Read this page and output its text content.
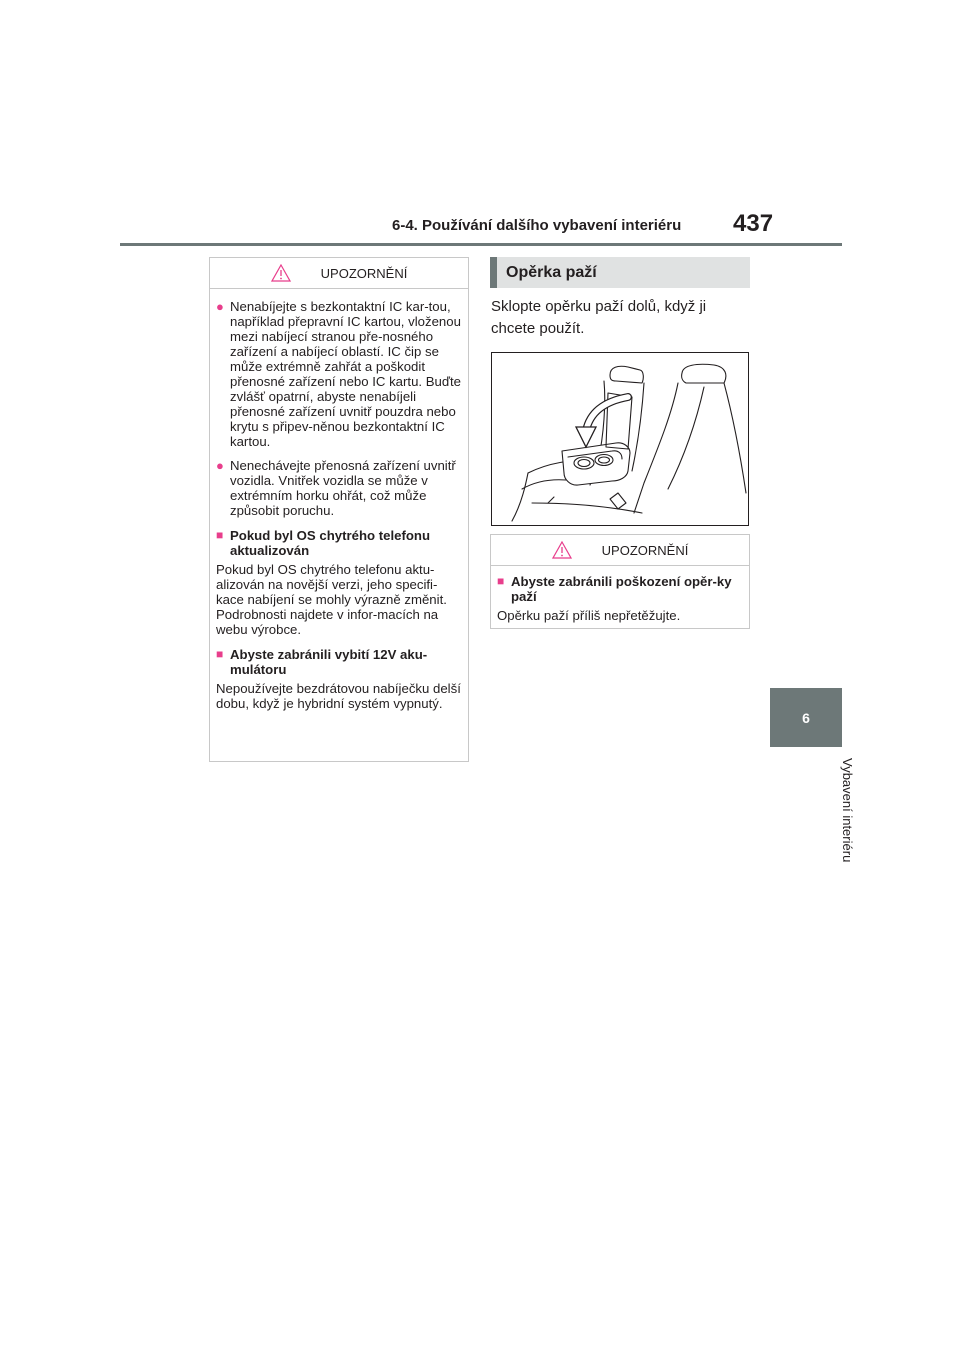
6-4. Používání dalšího vybavení interiéru 437
6
Vybavení interiéru
UPOZORNĚNÍ
● Nenabíjejte s bezkontaktní IC kar-tou, například přepravní IC kartou, vloženou mezi nabíjecí stranou pře-nosného zařízení a nabíjecí oblastí. IC čip se může extrémně zahřát a poškodit přenosné zařízení nebo IC kartu. Buďte zvlášť opatrní, abyste nenabíjeli přenosné zařízení uvnitř pouzdra nebo krytu s připev-něnou bezkontaktní IC kartou.
● Nenechávejte přenosná zařízení uvnitř vozidla. Vnitřek vozidla se může v extrémním horku ohřát, což může způsobit poruchu.
■ Pokud byl OS chytrého telefonu aktualizován
Pokud byl OS chytrého telefonu aktu-alizován na novější verzi, jeho specifi-kace nabíjení se mohly výrazně změnit. Podrobnosti najdete v infor-macích na webu výrobce.
■ Abyste zabránili vybití 12V aku-mulátoru
Nepoužívejte bezdrátovou nabíječku delší dobu, když je hybridní systém vypnutý.
Opěrka paží
Sklopte opěrku paží dolů, když ji chcete použít.
UPOZORNĚNÍ
■ Abyste zabránili poškození opěr-ky paží
Opěrku paží příliš nepřetěžujte.
